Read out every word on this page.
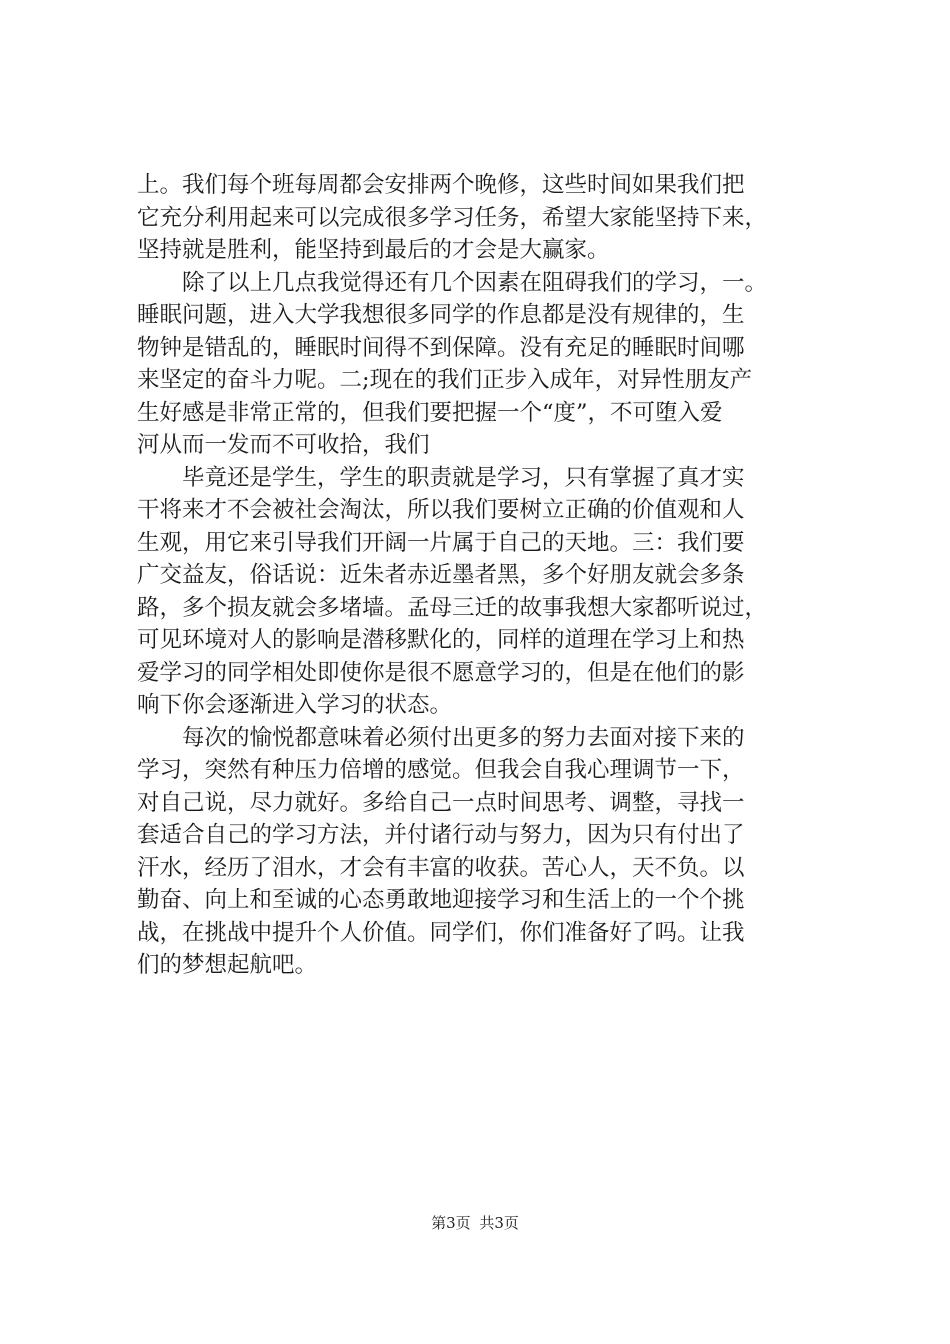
上。我们每个班每周都会安排两个晚修，这些时间如果我们把
它充分利用起来可以完成很多学习任务，希望大家能坚持下来，
坚持就是胜利，能坚持到最后的才会是大赢家。
　　除了以上几点我觉得还有几个因素在阻碍我们的学习，一。
睡眠问题，进入大学我想很多同学的作息都是没有规律的，生
物钟是错乱的，睡眠时间得不到保障。没有充足的睡眠时间哪
来坚定的奋斗力呢。二;现在的我们正步入成年，对异性朋友产
生好感是非常正常的，但我们要把握一个“度”，不可堕入爱
河从而一发而不可收拾，我们
　　毕竟还是学生，学生的职责就是学习，只有掌握了真才实
干将来才不会被社会淘汰，所以我们要树立正确的价值观和人
生观，用它来引导我们开阔一片属于自己的天地。三：我们要
广交益友，俗话说：近朱者赤近墨者黑，多个好朋友就会多条
路，多个损友就会多堵墙。孟母三迁的故事我想大家都听说过，
可见环境对人的影响是潜移默化的，同样的道理在学习上和热
爱学习的同学相处即使你是很不愿意学习的，但是在他们的影
响下你会逐渐进入学习的状态。
　　每次的愉悦都意味着必须付出更多的努力去面对接下来的
学习，突然有种压力倍增的感觉。但我会自我心理调节一下，
对自己说，尽力就好。多给自己一点时间思考、调整，寻找一
套适合自己的学习方法，并付诸行动与努力，因为只有付出了
汗水，经历了泪水，才会有丰富的收获。苦心人，天不负。以
勤奋、向上和至诚的心态勇敢地迎接学习和生活上的一个个挑
战，在挑战中提升个人价值。同学们，你们准备好了吗。让我
们的梦想起航吧。
第3页 共3页
